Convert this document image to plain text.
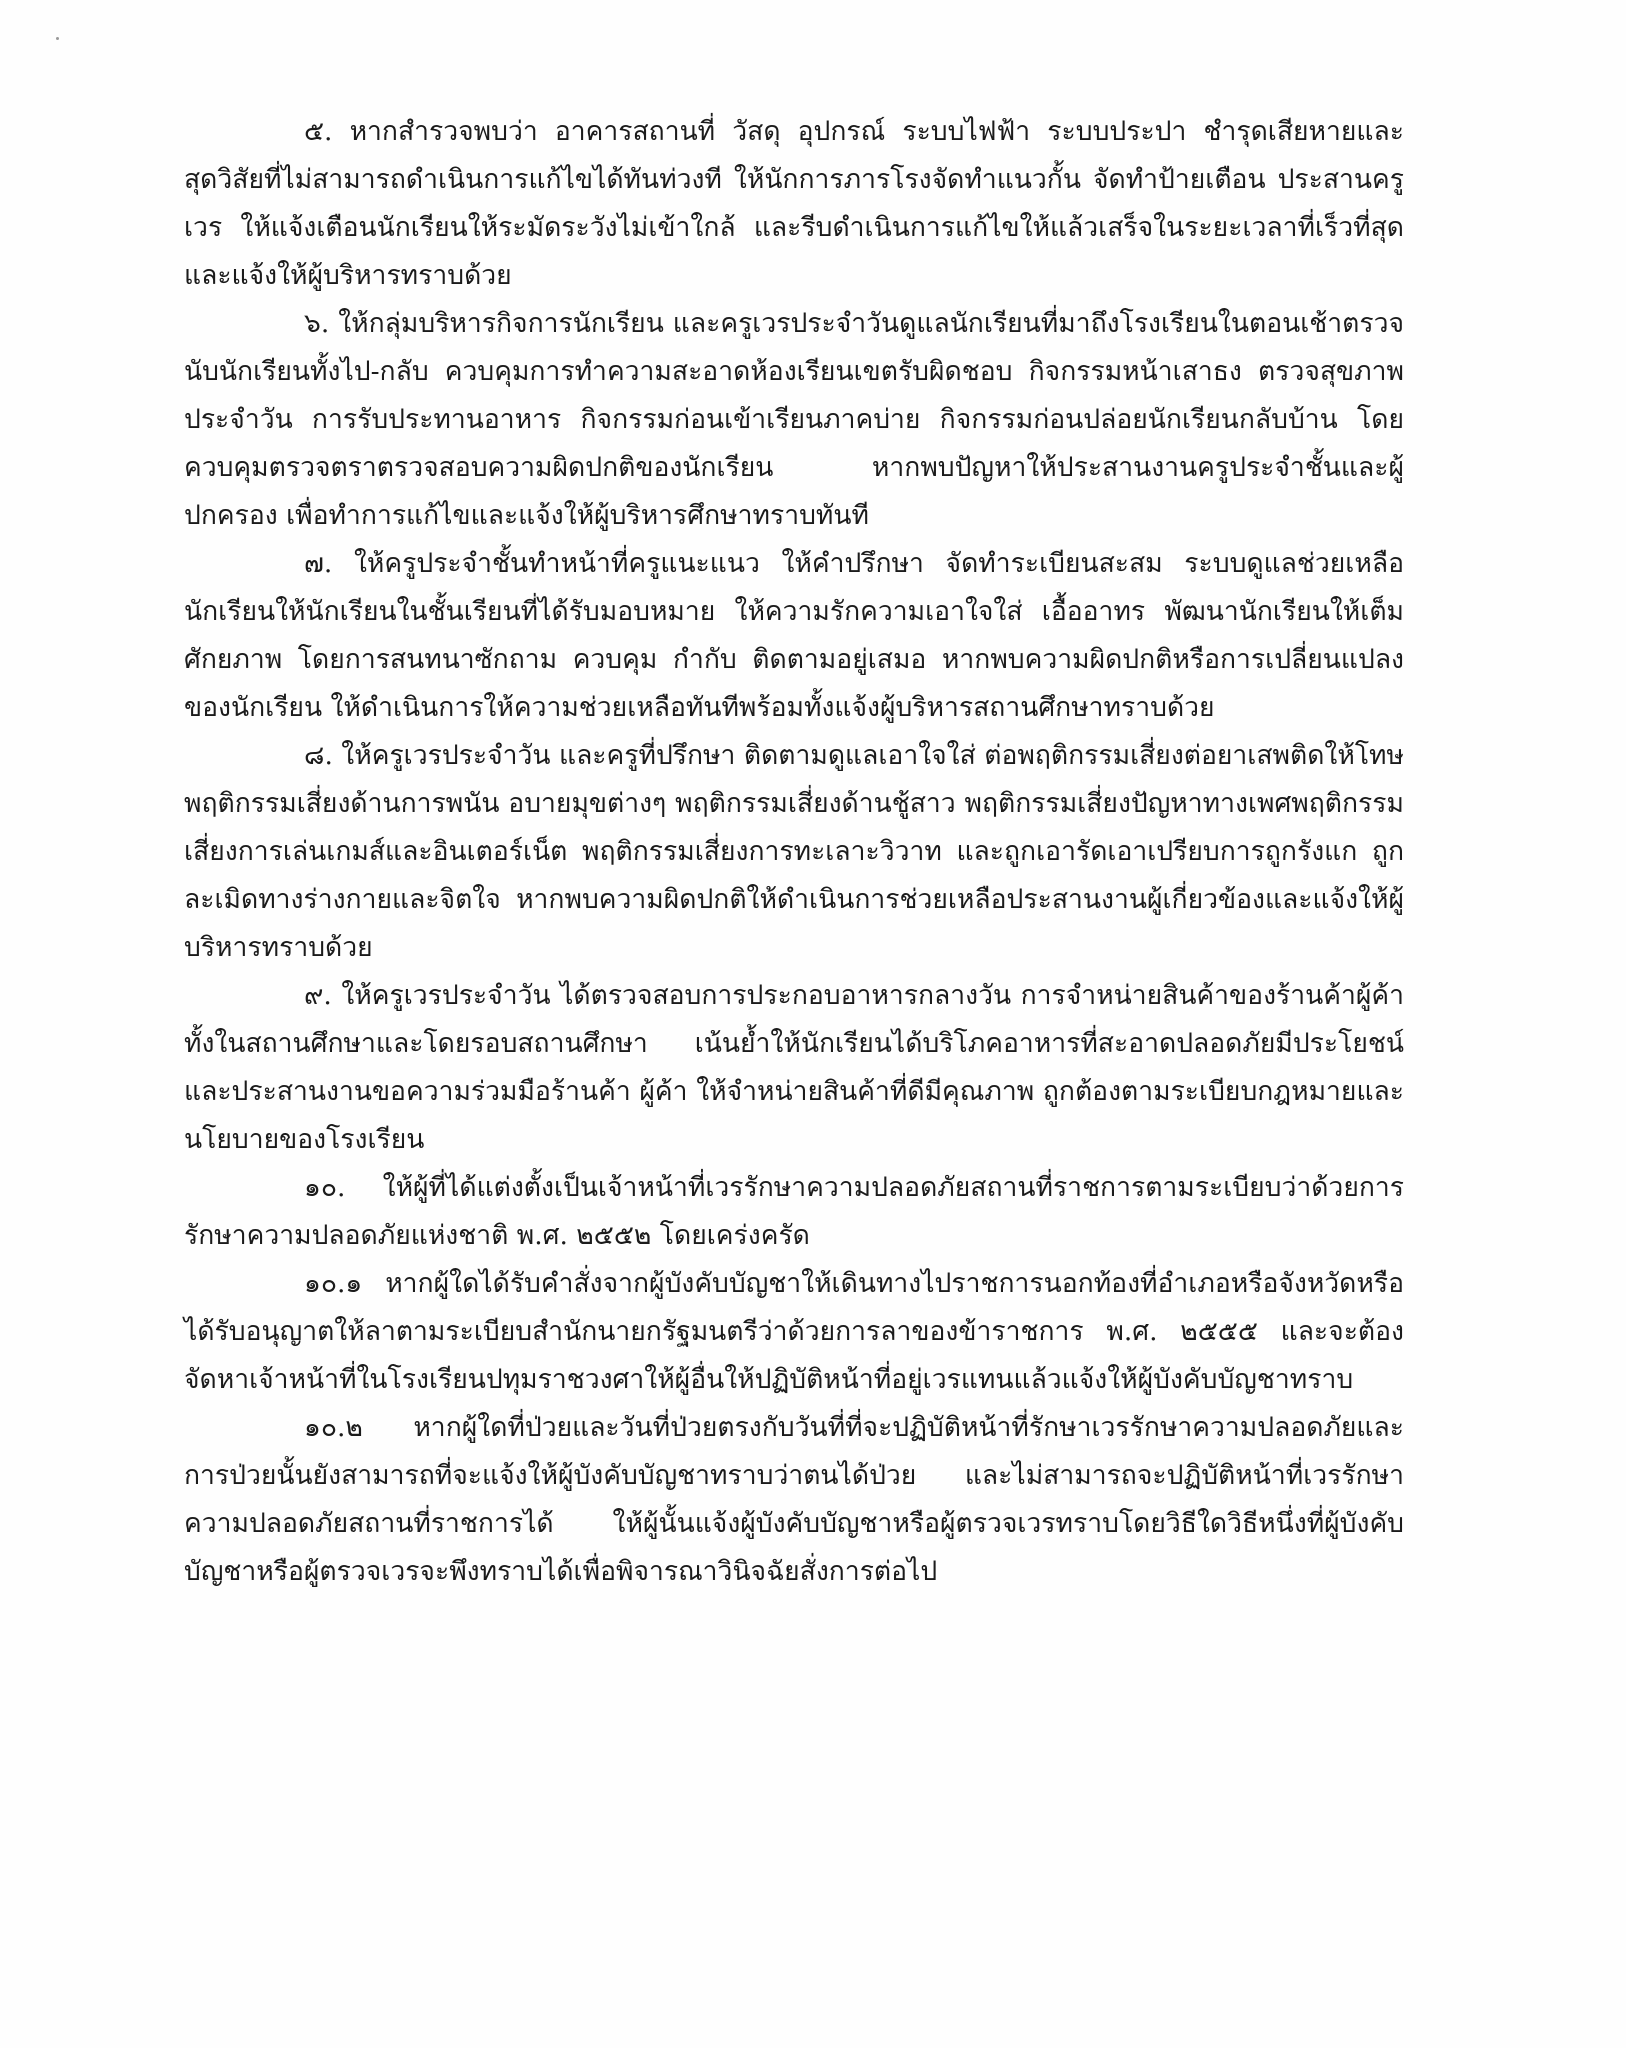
๕. หากสำรวจพบว่า อาคารสถานที่ วัสดุ อุปกรณ์ ระบบไฟฟ้า ระบบประปา ชำรุดเสียหายและสุดวิสัยที่ไม่สามารถดำเนินการแก้ไขได้ทันท่วงที ให้นักการภารโรงจัดทำแนวกั้น จัดทำป้ายเตือน ประสานครูเวร ให้แจ้งเตือนนักเรียนให้ระมัดระวังไม่เข้าใกล้ และรีบดำเนินการแก้ไขให้แล้วเสร็จในระยะเวลาที่เร็วที่สุดและแจ้งให้ผู้บริหารทราบด้วย

๖. ให้กลุ่มบริหารกิจการนักเรียน และครูเวรประจำวันดูแลนักเรียนที่มาถึงโรงเรียนในตอนเช้าตรวจนับนักเรียนทั้งไป-กลับ ควบคุมการทำความสะอาดห้องเรียนเขตรับผิดชอบ กิจกรรมหน้าเสาธง ตรวจสุขภาพประจำวัน การรับประทานอาหาร กิจกรรมก่อนเข้าเรียนภาคบ่าย กิจกรรมก่อนปล่อยนักเรียนกลับบ้าน โดยควบคุมตรวจตราตรวจสอบความผิดปกติของนักเรียน หากพบปัญหาให้ประสานงานครูประจำชั้นและผู้ปกครอง เพื่อทำการแก้ไขและแจ้งให้ผู้บริหารศึกษาทราบทันที

๗. ให้ครูประจำชั้นทำหน้าที่ครูแนะแนว ให้คำปรึกษา จัดทำระเบียนสะสม ระบบดูแลช่วยเหลือนักเรียนให้นักเรียนในชั้นเรียนที่ได้รับมอบหมาย ให้ความรักความเอาใจใส่ เอื้ออาทร พัฒนานักเรียนให้เต็มศักยภาพ โดยการสนทนาซักถาม ควบคุม กำกับ ติดตามอยู่เสมอ หากพบความผิดปกติหรือการเปลี่ยนแปลงของนักเรียน ให้ดำเนินการให้ความช่วยเหลือทันทีพร้อมทั้งแจ้งผู้บริหารสถานศึกษาทราบด้วย

๘. ให้ครูเวรประจำวัน และครูที่ปรึกษา ติดตามดูแลเอาใจใส่ ต่อพฤติกรรมเสี่ยงต่อยาเสพติดให้โทษพฤติกรรมเสี่ยงด้านการพนัน อบายมุขต่างๆ พฤติกรรมเสี่ยงด้านชู้สาว พฤติกรรมเสี่ยงปัญหาทางเพศพฤติกรรมเสี่ยงการเล่นเกมส์และอินเตอร์เน็ต พฤติกรรมเสี่ยงการทะเลาะวิวาท และถูกเอารัดเอาเปรียบการถูกรังแก ถูกละเมิดทางร่างกายและจิตใจ หากพบความผิดปกติให้ดำเนินการช่วยเหลือประสานงานผู้เกี่ยวข้องและแจ้งให้ผู้บริหารทราบด้วย

๙. ให้ครูเวรประจำวัน ได้ตรวจสอบการประกอบอาหารกลางวัน การจำหน่ายสินค้าของร้านค้าผู้ค้าทั้งในสถานศึกษาและโดยรอบสถานศึกษา เน้นย้ำให้นักเรียนได้บริโภคอาหารที่สะอาดปลอดภัยมีประโยชน์และประสานงานขอความร่วมมือร้านค้า ผู้ค้า ให้จำหน่ายสินค้าที่ดีมีคุณภาพ ถูกต้องตามระเบียบกฎหมายและนโยบายของโรงเรียน

๑๐. ให้ผู้ที่ได้แต่งตั้งเป็นเจ้าหน้าที่เวรรักษาความปลอดภัยสถานที่ราชการตามระเบียบว่าด้วยการรักษาความปลอดภัยแห่งชาติ พ.ศ. ๒๕๕๒ โดยเคร่งครัด

๑๐.๑ หากผู้ใดได้รับคำสั่งจากผู้บังคับบัญชาให้เดินทางไปราชการนอกท้องที่อำเภอหรือจังหวัดหรือได้รับอนุญาตให้ลาตามระเบียบสำนักนายกรัฐมนตรีว่าด้วยการลาของข้าราชการ พ.ศ. ๒๕๕๕ และจะต้องจัดหาเจ้าหน้าที่ในโรงเรียนปทุมราชวงศาให้ผู้อื่นให้ปฏิบัติหน้าที่อยู่เวรแทนแล้วแจ้งให้ผู้บังคับบัญชาทราบ

๑๐.๒ หากผู้ใดที่ป่วยและวันที่ป่วยตรงกับวันที่ที่จะปฏิบัติหน้าที่รักษาเวรรักษาความปลอดภัยและการป่วยนั้นยังสามารถที่จะแจ้งให้ผู้บังคับบัญชาทราบว่าตนได้ป่วย และไม่สามารถจะปฏิบัติหน้าที่เวรรักษาความปลอดภัยสถานที่ราชการได้ ให้ผู้นั้นแจ้งผู้บังคับบัญชาหรือผู้ตรวจเวรทราบโดยวิธีใดวิธีหนึ่งที่ผู้บังคับบัญชาหรือผู้ตรวจเวรจะพึงทราบได้เพื่อพิจารณาวินิจฉัยสั่งการต่อไป
